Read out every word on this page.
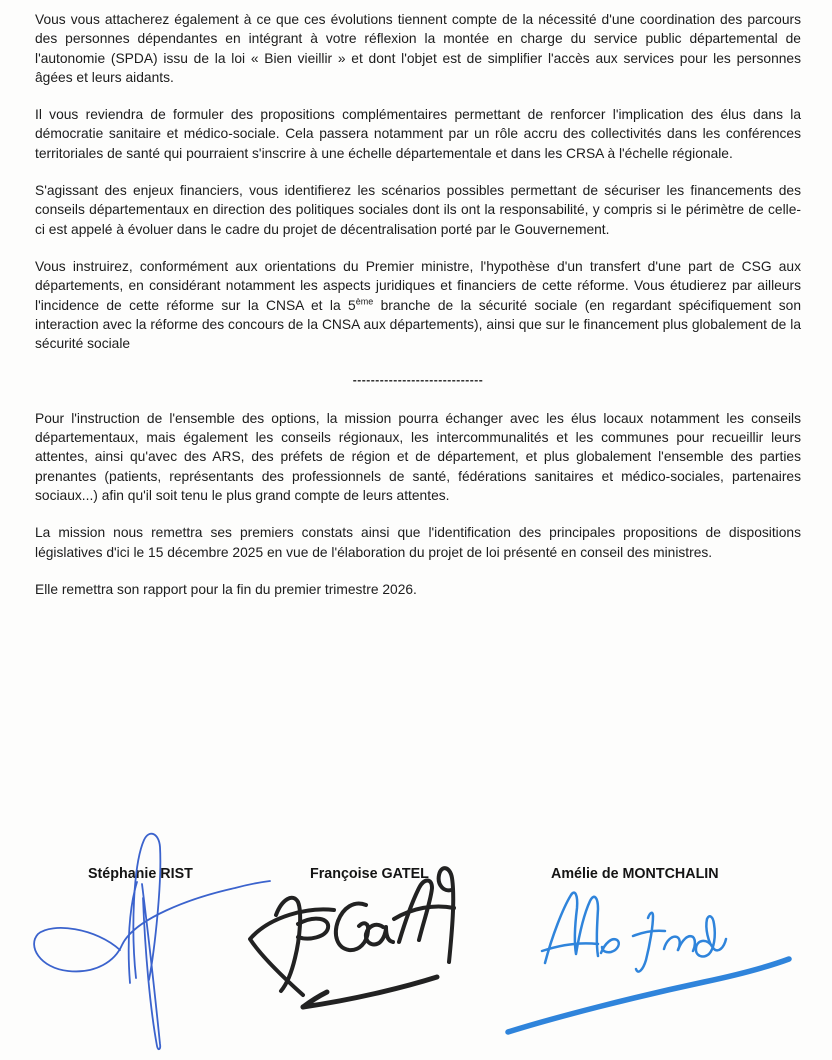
Vous vous attacherez également à ce que ces évolutions tiennent compte de la nécessité d'une coordination des parcours des personnes dépendantes en intégrant à votre réflexion la montée en charge du service public départemental de l'autonomie (SPDA) issu de la loi « Bien vieillir » et dont l'objet est de simplifier l'accès aux services pour les personnes âgées et leurs aidants.

Il vous reviendra de formuler des propositions complémentaires permettant de renforcer l'implication des élus dans la démocratie sanitaire et médico-sociale. Cela passera notamment par un rôle accru des collectivités dans les conférences territoriales de santé qui pourraient s'inscrire à une échelle départementale et dans les CRSA à l'échelle régionale.

S'agissant des enjeux financiers, vous identifierez les scénarios possibles permettant de sécuriser les financements des conseils départementaux en direction des politiques sociales dont ils ont la responsabilité, y compris si le périmètre de celle-ci est appelé à évoluer dans le cadre du projet de décentralisation porté par le Gouvernement.

Vous instruirez, conformément aux orientations du Premier ministre, l'hypothèse d'un transfert d'une part de CSG aux départements, en considérant notamment les aspects juridiques et financiers de cette réforme. Vous étudierez par ailleurs l'incidence de cette réforme sur la CNSA et la 5ème branche de la sécurité sociale (en regardant spécifiquement son interaction avec la réforme des concours de la CNSA aux départements), ainsi que sur le financement plus globalement de la sécurité sociale

-----------------------------

Pour l'instruction de l'ensemble des options, la mission pourra échanger avec les élus locaux notamment les conseils départementaux, mais également les conseils régionaux, les intercommunalités et les communes pour recueillir leurs attentes, ainsi qu'avec des ARS, des préfets de région et de département, et plus globalement l'ensemble des parties prenantes (patients, représentants des professionnels de santé, fédérations sanitaires et médico-sociales, partenaires sociaux...) afin qu'il soit tenu le plus grand compte de leurs attentes.

La mission nous remettra ses premiers constats ainsi que l'identification des principales propositions de dispositions législatives d'ici le 15 décembre 2025 en vue de l'élaboration du projet de loi présenté en conseil des ministres.

Elle remettra son rapport pour la fin du premier trimestre 2026.

Stéphanie RIST	Françoise GATEL	Amélie de MONTCHALIN
